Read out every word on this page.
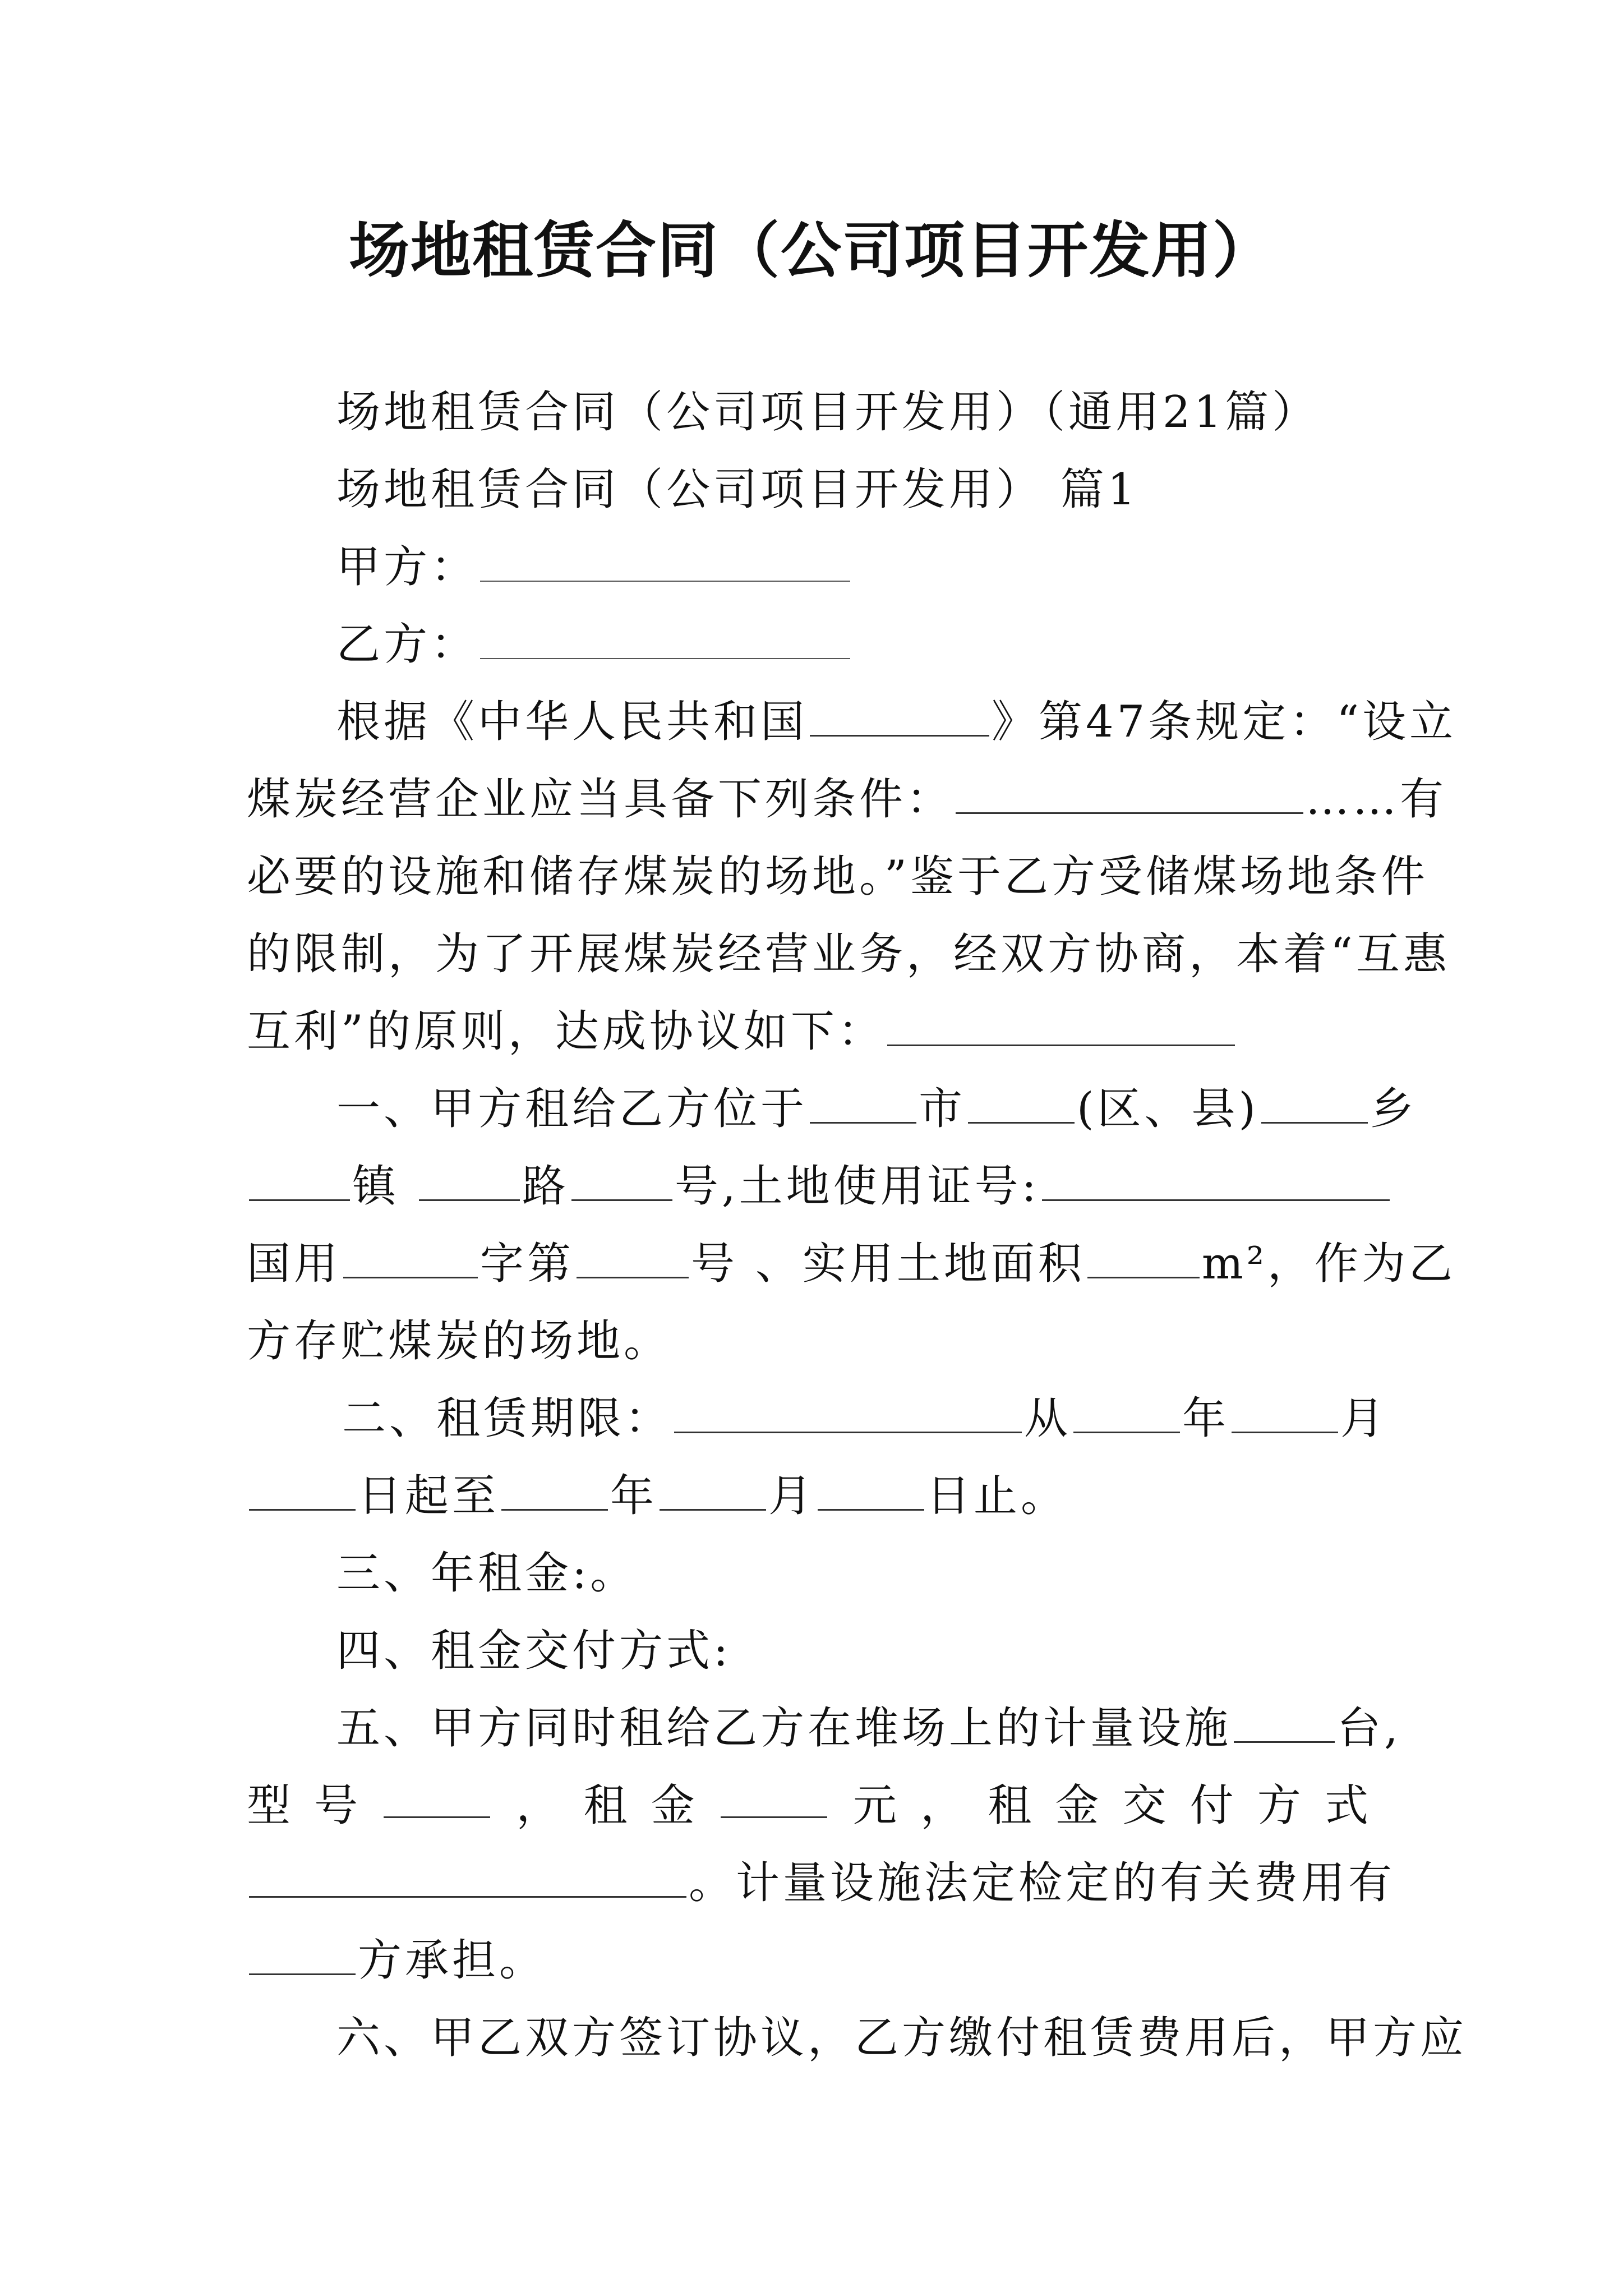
场地租赁合同（公司项目开发用）
场地租赁合同（公司项目开发用）（通用21篇）
场地租赁合同（公司项目开发用） 篇1
甲方：
乙方：
根据《中华人民共和国	》第47条规定：“设立
煤炭经营企业应当具备下列条件：	……有
必要的设施和储存煤炭的场地。”鉴于乙方受储煤场地条件
的限制，为了开展煤炭经营业务，经双方协商，本着“互惠
互利”的原则，达成协议如下：
一、甲方租给乙方位于	市	(区、县)	乡
镇	路 号,土地使用证号:
国用	字第	号 、实用土地面积	m²，作为乙
方存贮煤炭的场地。
二、租赁期限：	从	年	月
日起至	年	月	日止。
三、年租金:。
四、租金交付方式:
五、甲方同时租给乙方在堆场上的计量设施 台,
型 号	， 租 金	元 ， 租 金 交 付 方 式
。计量设施法定检定的有关费用有
方承担。
六、甲乙双方签订协议，乙方缴付租赁费用后，甲方应
